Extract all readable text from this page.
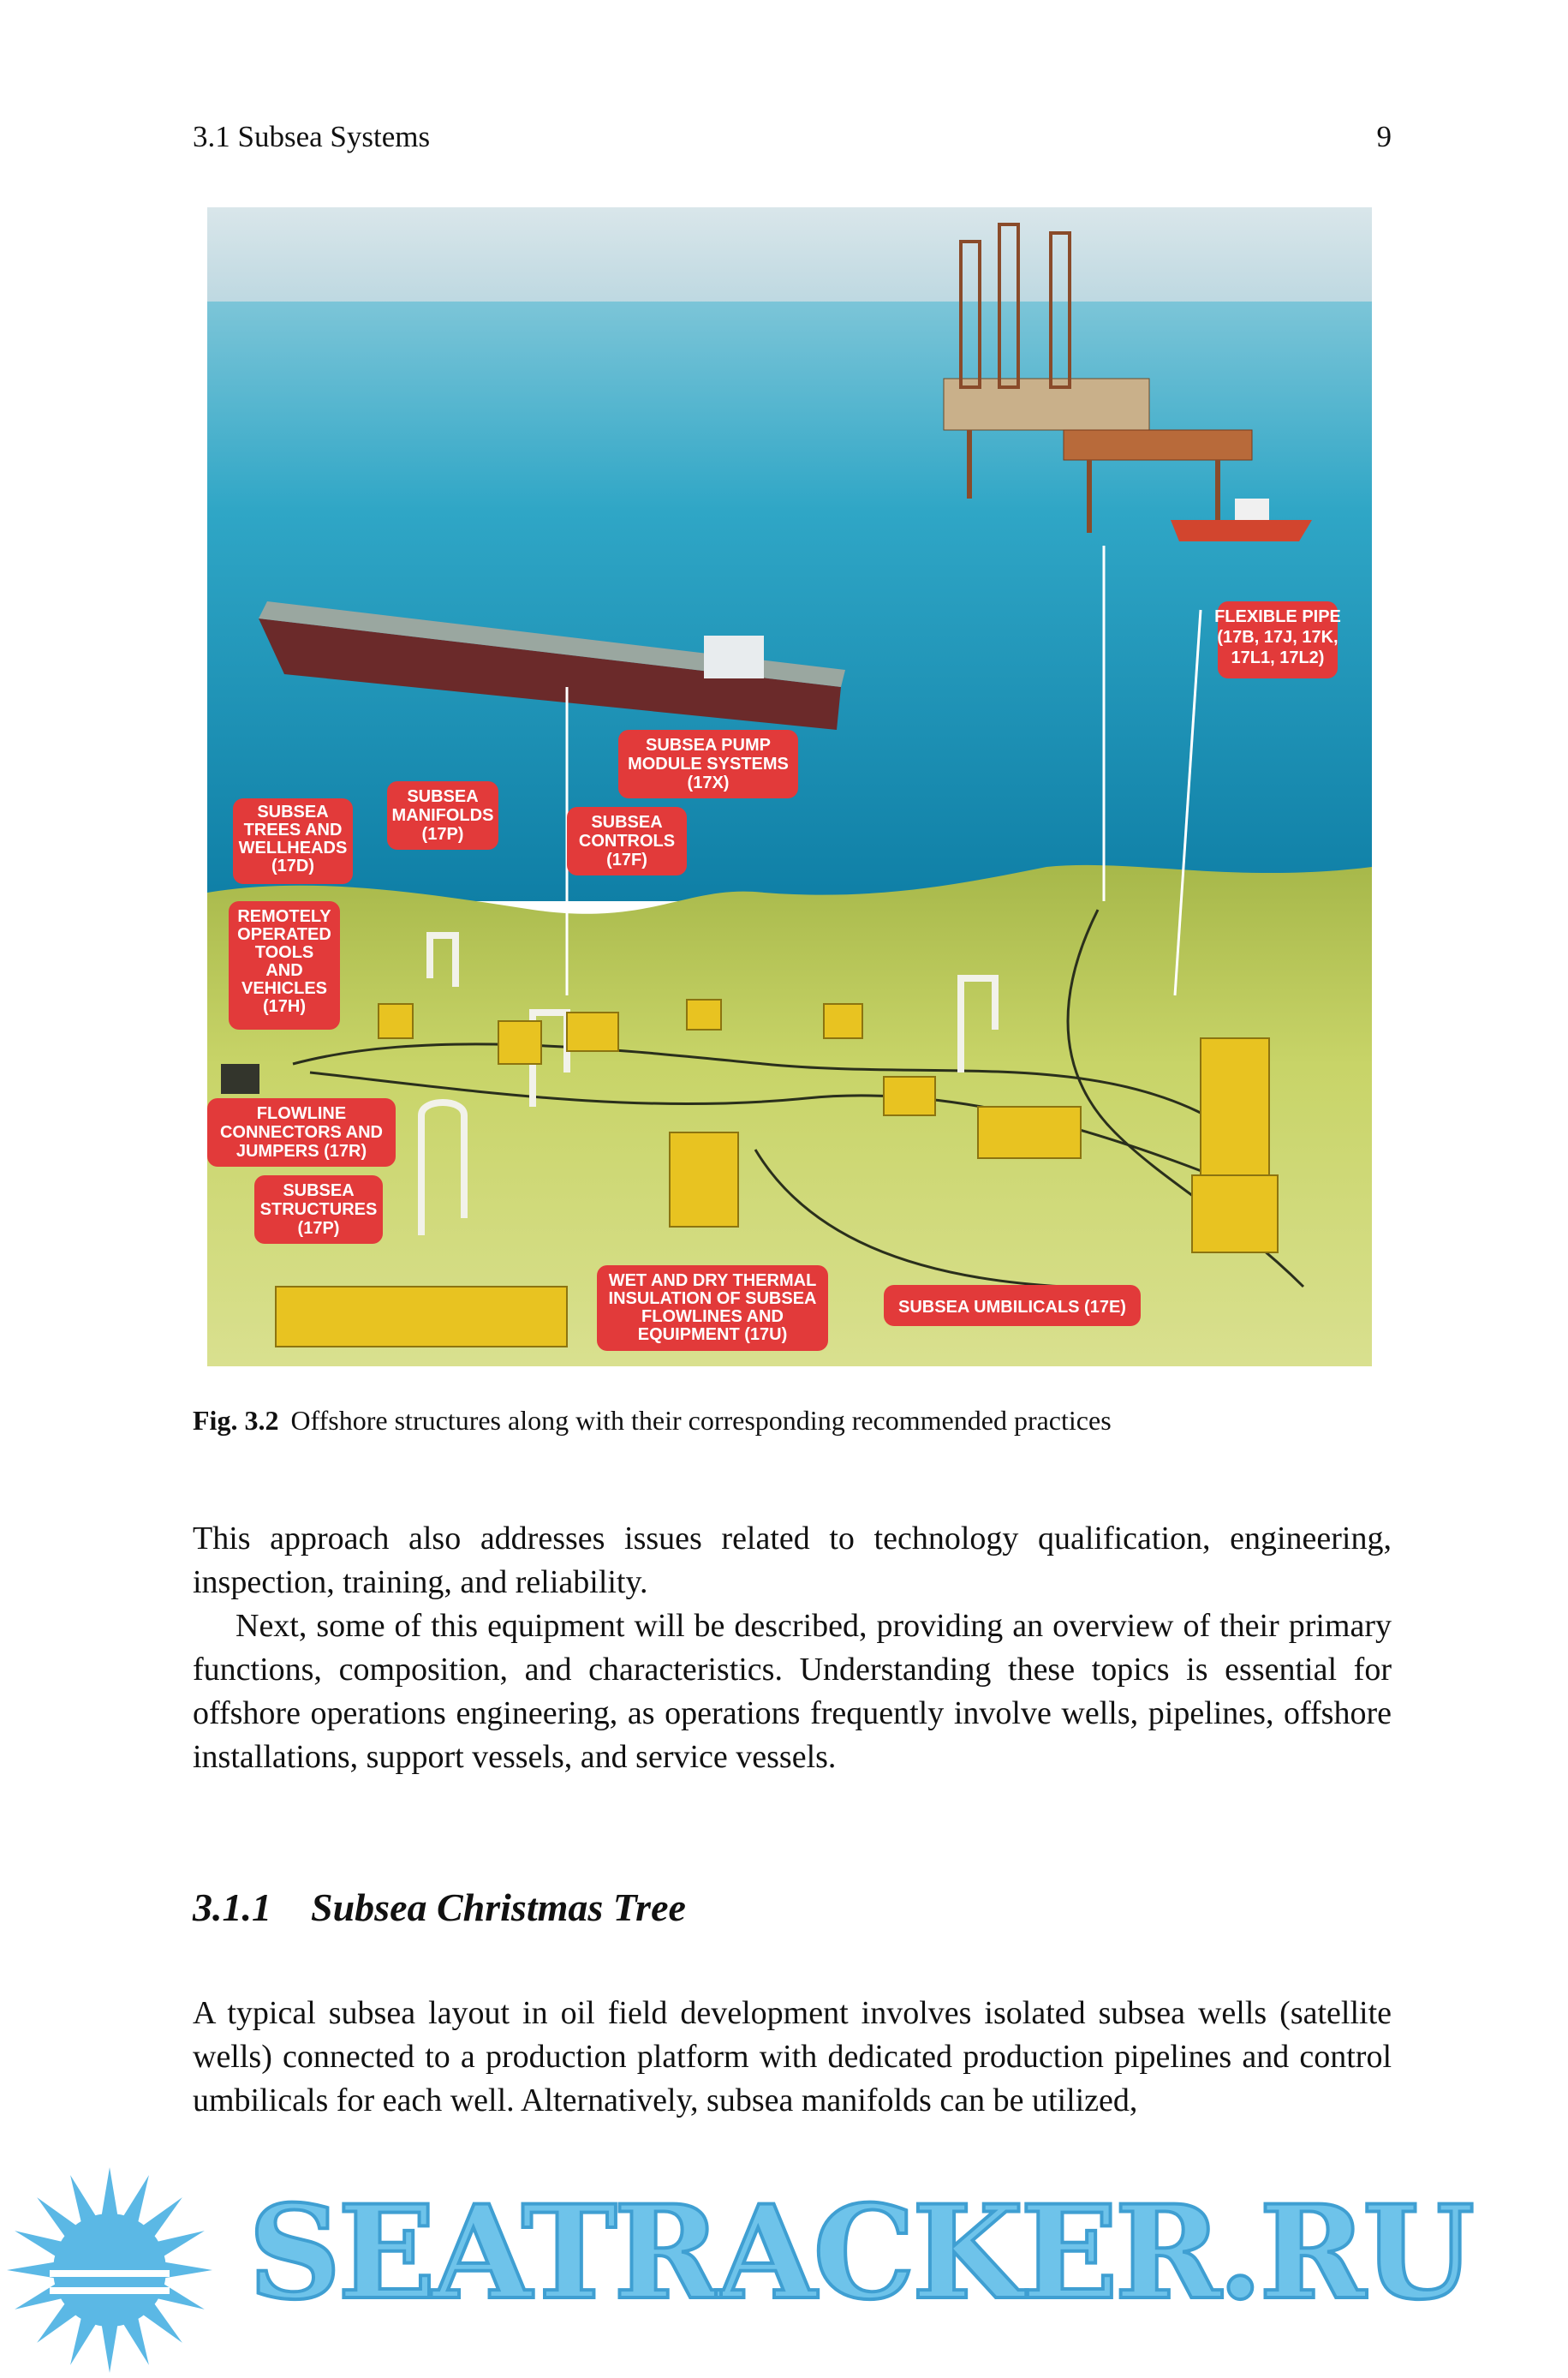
3.1 Subsea Systems	9
FLEXIBLE PIPE
(17B, 17J, 17K,
17L1, 17L2)
SUBSEA PUMP
MODULE SYSTEMS
(17X)
SUBSEA
TREES AND
WELLHEADS
(17D)
SUBSEA
MANIFOLDS
(17P)
SUBSEA
CONTROLS
(17F)
REMOTELY
OPERATED
TOOLS
AND
VEHICLES
(17H)
FLOWLINE
CONNECTORS AND
JUMPERS (17R)
SUBSEA
STRUCTURES
(17P)
WET AND DRY THERMAL
INSULATION OF SUBSEA
FLOWLINES AND
EQUIPMENT (17U)
SUBSEA UMBILICALS (17E)
Fig. 3.2 Offshore structures along with their corresponding recommended practices

This approach also addresses issues related to technology qualification, engineering, inspection, training, and reliability.

Next, some of this equipment will be described, providing an overview of their primary functions, composition, and characteristics. Understanding these topics is essential for offshore operations engineering, as operations frequently involve wells, pipelines, offshore installations, support vessels, and service vessels.

3.1.1 Subsea Christmas Tree

A typical subsea layout in oil field development involves isolated subsea wells (satellite wells) connected to a production platform with dedicated production pipelines and control umbilicals for each well. Alternatively, subsea manifolds can be utilized,

SEATRACKER.RU
